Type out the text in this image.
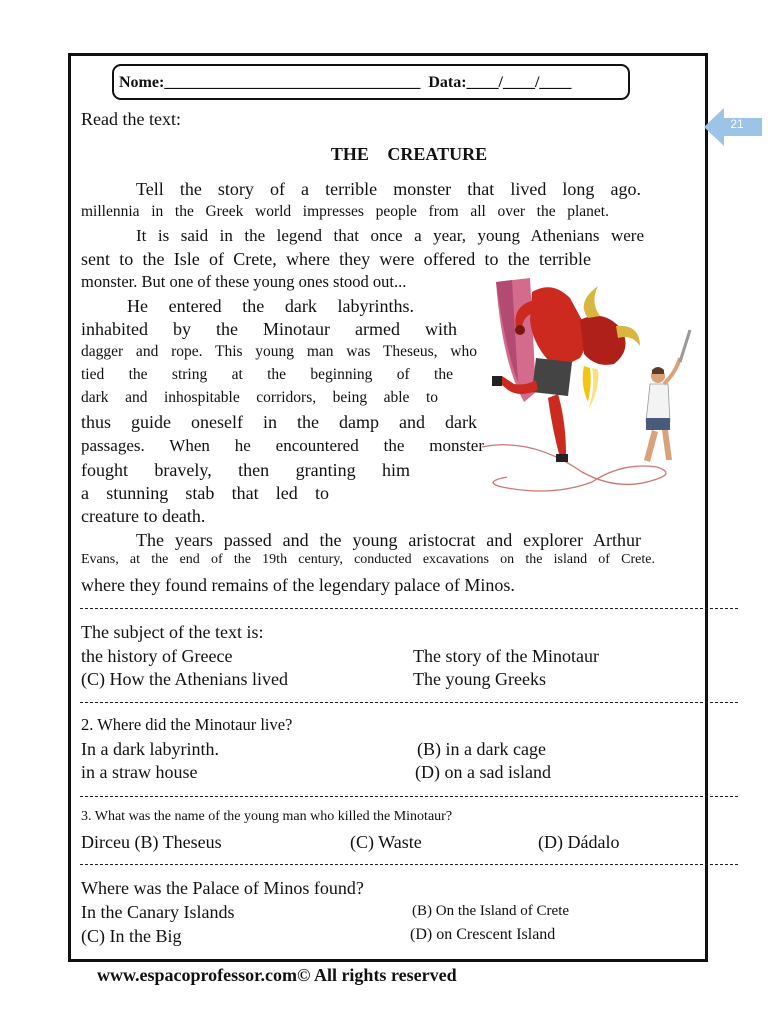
Nome:________________________________ Data:____/____/____
21
Read the text:
THE CREATURE
Tell the story of a terrible monster that lived long ago.
millennia in the Greek world impresses people from all over the planet.
It is said in the legend that once a year, young Athenians were
sent to the Isle of Crete, where they were offered to the terrible
monster. But one of these young ones stood out...
He entered the dark labyrinths.
inhabited by the Minotaur armed with
dagger and rope. This young man was Theseus, who
tied the string at the beginning of the
dark and inhospitable corridors, being able to
thus guide oneself in the damp and dark
passages. When he encountered the monster
fought bravely, then granting him
a stunning stab that led to
creature to death.
The years passed and the young aristocrat and explorer Arthur
Evans, at the end of the 19th century, conducted excavations on the island of Crete.
where they found remains of the legendary palace of Minos.
The subject of the text is:
the history of Greece	The story of the Minotaur
(C) How the Athenians lived	The young Greeks
2. Where did the Minotaur live?
In a dark labyrinth.	(B) in a dark cage
in a straw house	(D) on a sad island
3. What was the name of the young man who killed the Minotaur?
Dirceu (B) Theseus	(C) Waste	(D) Dádalo
Where was the Palace of Minos found?
In the Canary Islands	(B) On the Island of Crete
(C) In the Big	(D) on Crescent Island
www.espacoprofessor.com© All rights reserved
